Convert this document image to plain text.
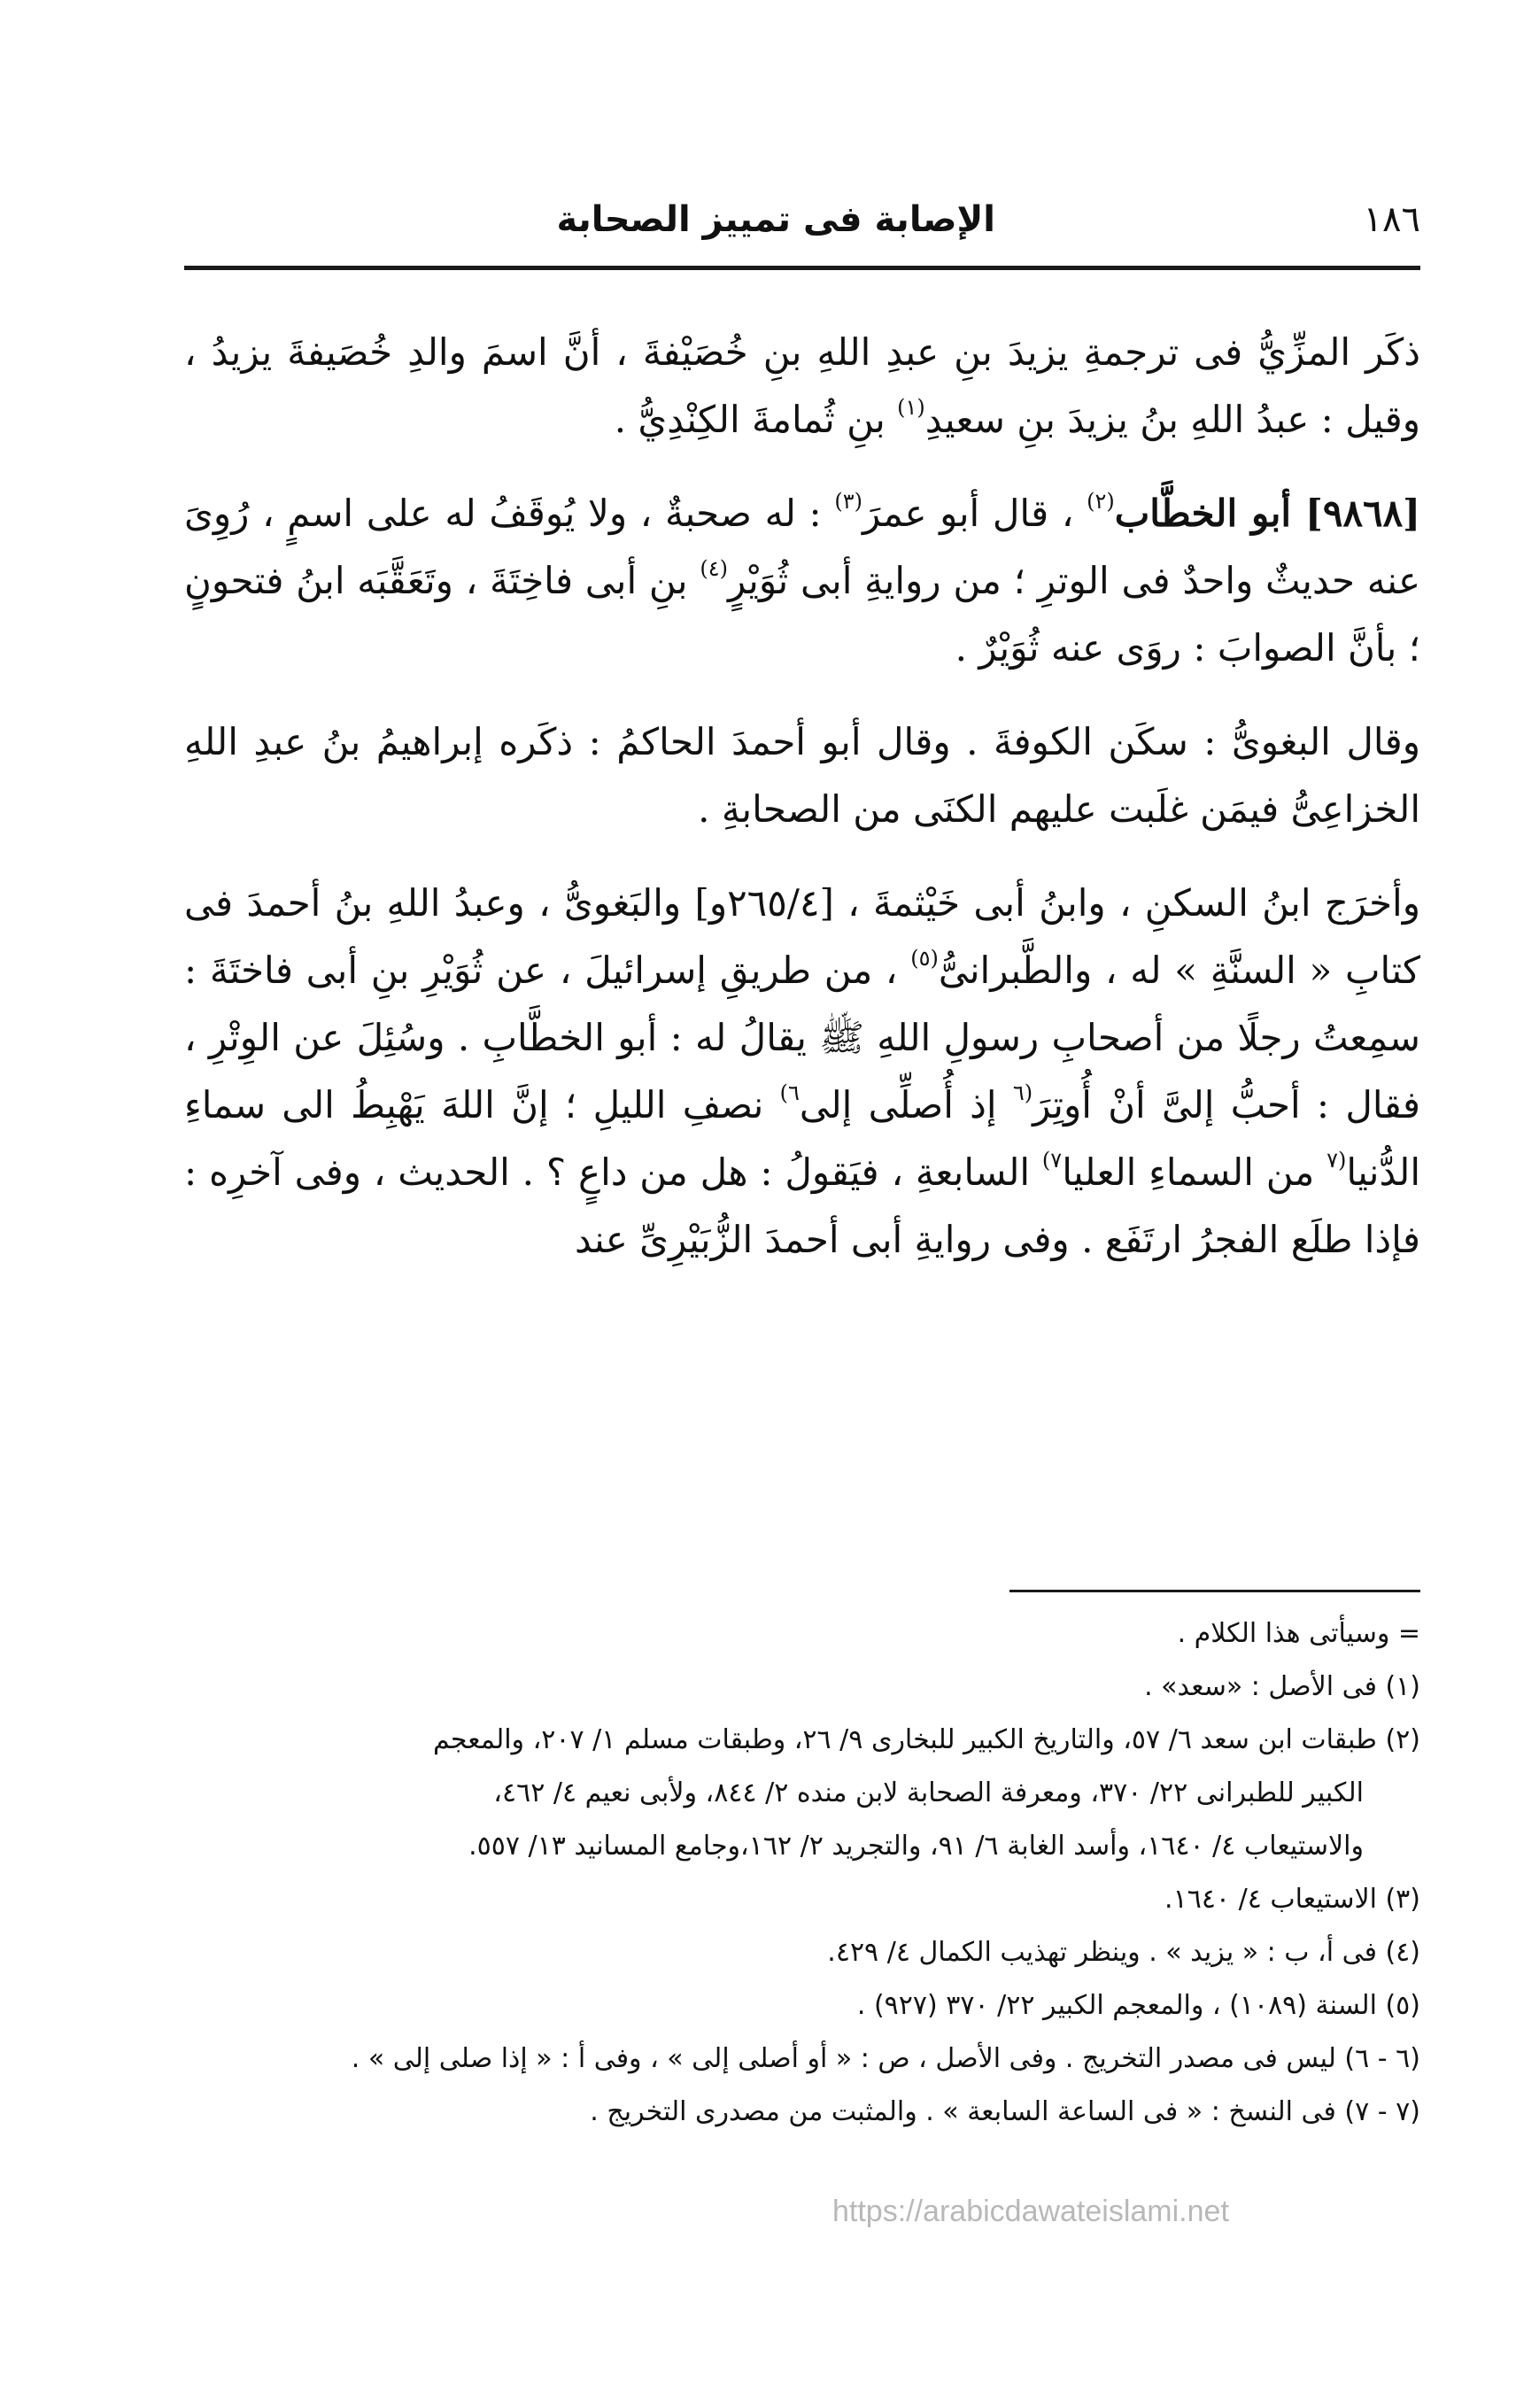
١٨٦
الإصابة فى تمييز الصحابة

ذكَر المزِّيُّ فى ترجمةِ يزيدَ بنِ عبدِ اللهِ بنِ خُصَيْفةَ ، أنَّ اسمَ والدِ خُصَيفةَ يزيدُ ، وقيل : عبدُ اللهِ بنُ يزيدَ بنِ سعيدِ$^{(١)}$ بنِ ثُمامةَ الكِنْدِيُّ .

[٩٨٦٨] أبو الخطَّاب$^{(٢)}$ ، قال أبو عمرَ$^{(٣)}$ : له صحبةٌ ، ولا يُوقَفُ له على اسمٍ ، رُوِىَ عنه حديثٌ واحدٌ فى الوترِ ؛ من روايةِ أبى ثُوَيْرٍ$^{(٤)}$ بنِ أبى فاخِتَةَ ، وتَعَقَّبَه ابنُ فتحونٍ ؛ بأنَّ الصوابَ : روَى عنه ثُوَيْرٌ .

وقال البغوىُّ : سكَن الكوفةَ . وقال أبو أحمدَ الحاكمُ : ذكَره إبراهيمُ بنُ عبدِ اللهِ الخزاعِىُّ فيمَن غلَبت عليهم الكنَى من الصحابةِ .

وأخرَج ابنُ السكنِ ، وابنُ أبى خَيْثمةَ ، [٢٦٥/٤و] والبَغوىُّ ، وعبدُ اللهِ بنُ أحمدَ فى كتابِ « السنَّةِ » له ، والطَّبرانىُّ$^{(٥)}$ ، من طريقِ إسرائيلَ ، عن ثُوَيْرِ بنِ أبى فاختَةَ : سمِعتُ رجلًا من أصحابِ رسولِ اللهِ ﷺ يقالُ له : أبو الخطَّابِ . وسُئِلَ عن الوِتْرِ ، فقال : أحبُّ إلىَّ أنْ أُوتِرَ$^{(٦}$ إذ أُصلِّى إلى$^{٦)}$ نصفِ الليلِ ؛ إنَّ اللهَ يَهْبِطُ الى سماءِ الدُّنيا$^{(٧}$ من السماءِ العليا$^{٧)}$ السابعةِ ، فيَقولُ : هل من داعٍ ؟ . الحديث ، وفى آخرِه : فإذا طلَع الفجرُ ارتَفَع . وفى روايةِ أبى أحمدَ الزُّبَيْرِىِّ عند

= وسيأتى هذا الكلام .

(١) فى الأصل : «سعد» .

(٢) طبقات ابن سعد ٦/ ٥٧، والتاريخ الكبير للبخارى ٩/ ٢٦، وطبقات مسلم ١/ ٢٠٧، والمعجم

الكبير للطبرانى ٢٢/ ٣٧٠، ومعرفة الصحابة لابن منده ٢/ ٨٤٤، ولأبى نعيم ٤/ ٤٦٢،

والاستيعاب ٤/ ١٦٤٠، وأسد الغابة ٦/ ٩١، والتجريد ٢/ ١٦٢،وجامع المسانيد ١٣/ ٥٥٧.

(٣) الاستيعاب ٤/ ١٦٤٠.

(٤) فى أ، ب : « يزيد » . وينظر تهذيب الكمال ٤/ ٤٢٩.

(٥) السنة (١٠٨٩) ، والمعجم الكبير ٢٢/ ٣٧٠ (٩٢٧) .

(٦ - ٦) ليس فى مصدر التخريج . وفى الأصل ، ص : « أو أصلى إلى » ، وفى أ : « إذا صلى إلى » .

(٧ - ٧) فى النسخ : « فى الساعة السابعة » . والمثبت من مصدرى التخريج .

https://arabicdawateislami.net
